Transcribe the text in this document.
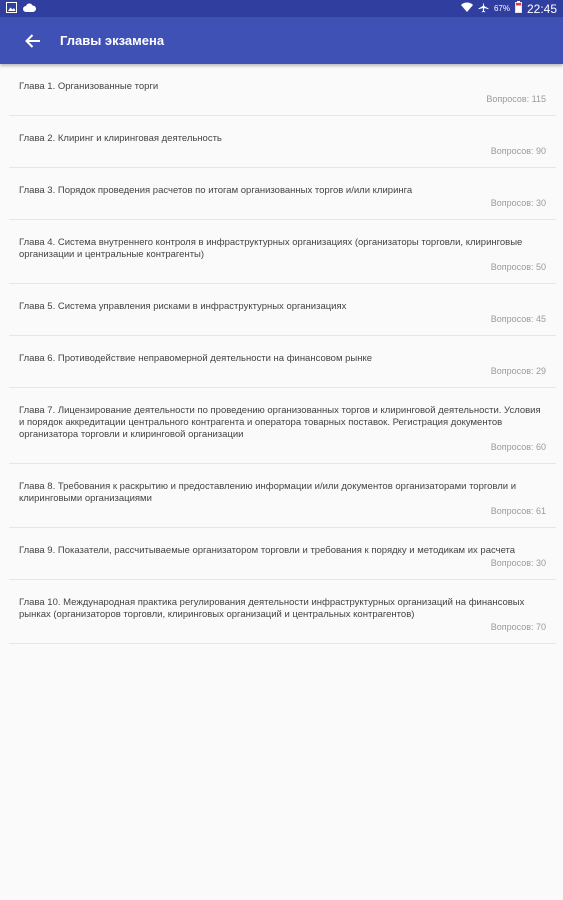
67% 22:45
Главы экзамена
Глава 1. Организованные торги
Вопросов: 115
Глава 2. Клиринг и клиринговая деятельность
Вопросов: 90
Глава 3. Порядок проведения расчетов по итогам организованных торгов и/или клиринга
Вопросов: 30
Глава 4. Система внутреннего контроля в инфраструктурных организациях (организаторы торговли, клиринговые организации и центральные контрагенты)
Вопросов: 50
Глава 5. Система управления рисками в инфраструктурных организациях
Вопросов: 45
Глава 6. Противодействие неправомерной деятельности на финансовом рынке
Вопросов: 29
Глава 7. Лицензирование деятельности по проведению организованных торгов и клиринговой деятельности. Условия и порядок аккредитации центрального контрагента и оператора товарных поставок. Регистрация документов организатора торговли и клиринговой организации
Вопросов: 60
Глава 8. Требования к раскрытию и предоставлению информации и/или документов организаторами торговли и клиринговыми организациями
Вопросов: 61
Глава 9. Показатели, рассчитываемые организатором торговли и требования к порядку и методикам их расчета
Вопросов: 30
Глава 10. Международная практика регулирования деятельности инфраструктурных организаций на финансовых рынках (организаторов торговли, клиринговых организаций и центральных контрагентов)
Вопросов: 70
